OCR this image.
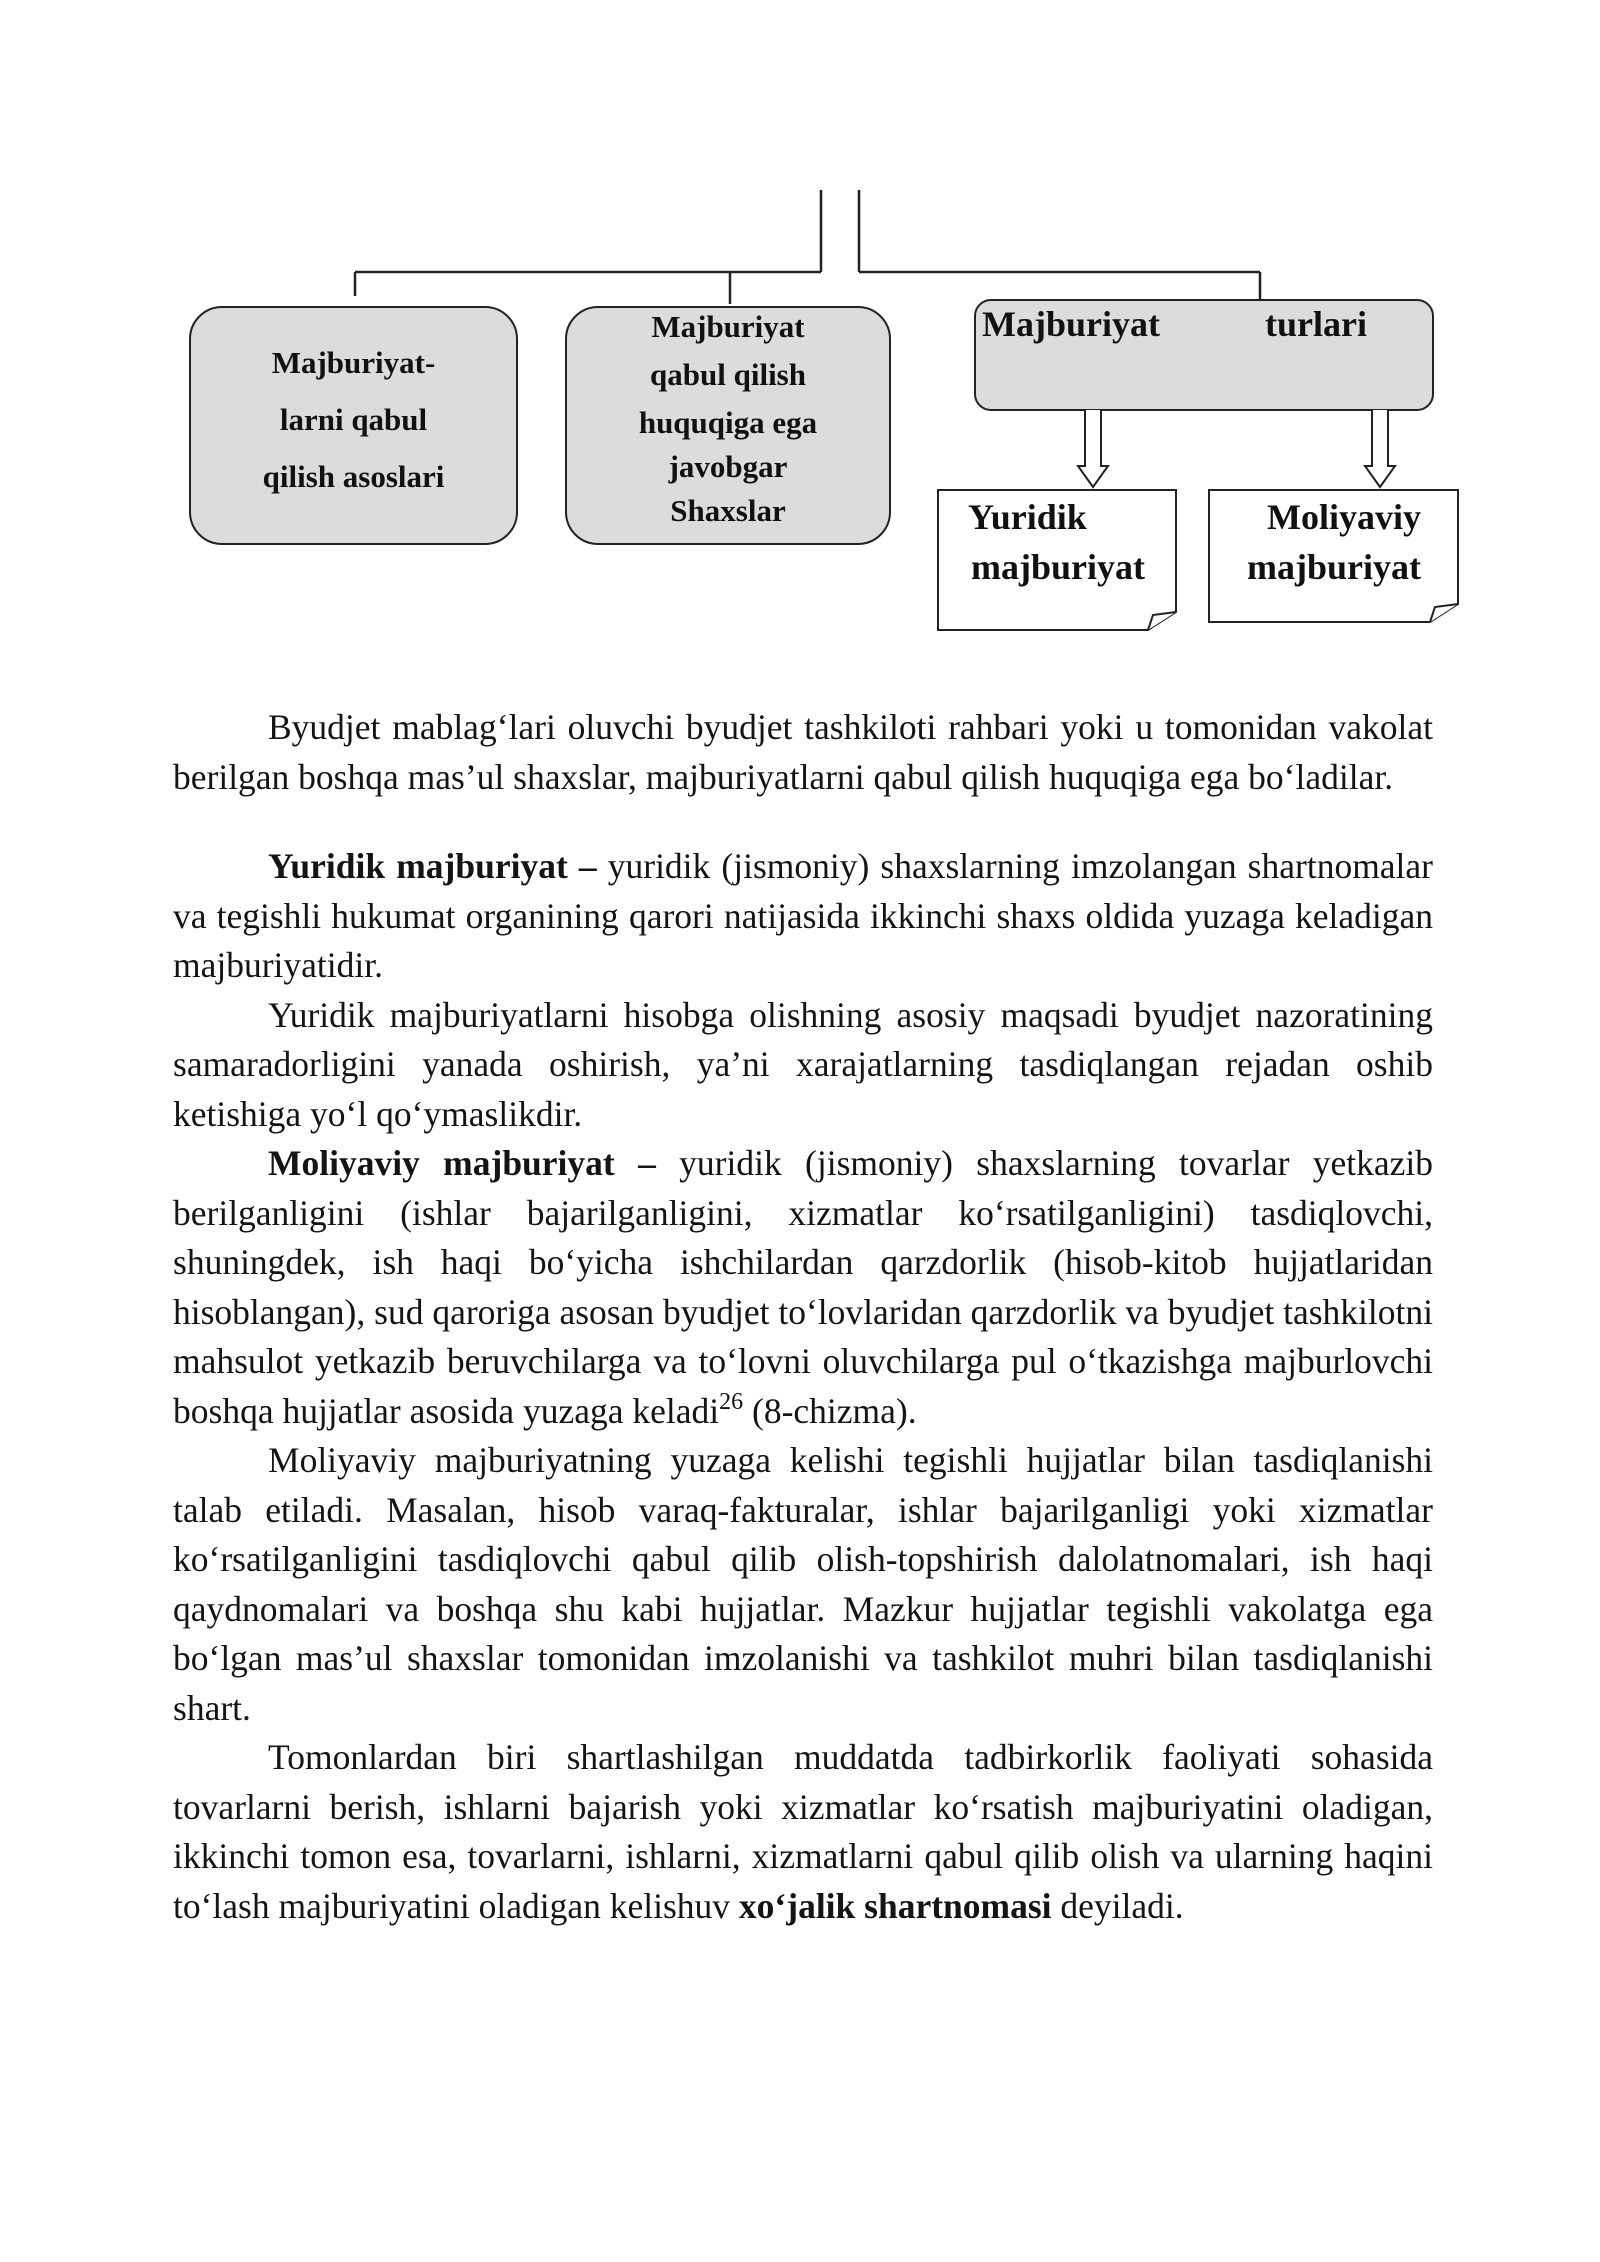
Majburiyat-
larni qabul
qilish asoslari
Majburiyat
qabul qilish
huquqiga ega
javobgar
Shaxslar
Majburiyat	turlari
Yuridik
majburiyat
Moliyaviy
majburiyat

Byudjet mablag‘lari oluvchi byudjet tashkiloti rahbari yoki u tomonidan vakolat berilgan boshqa mas’ul shaxslar, majburiyatlarni qabul qilish huquqiga ega bo‘ladilar.

Yuridik majburiyat – yuridik (jismoniy) shaxslarning imzolangan shartnomalar va tegishli hukumat organining qarori natijasida ikkinchi shaxs oldida yuzaga keladigan majburiyatidir.

Yuridik majburiyatlarni hisobga olishning asosiy maqsadi byudjet nazoratining samaradorligini yanada oshirish, ya’ni xarajatlarning tasdiqlangan rejadan oshib ketishiga yo‘l qo‘ymaslikdir.

Moliyaviy majburiyat – yuridik (jismoniy) shaxslarning tovarlar yetkazib berilganligini (ishlar bajarilganligini, xizmatlar ko‘rsatilganligini) tasdiqlovchi, shuningdek, ish haqi bo‘yicha ishchilardan qarzdorlik (hisob-kitob hujjatlaridan hisoblangan), sud qaroriga asosan byudjet to‘lovlaridan qarzdorlik va byudjet tashkilotni mahsulot yetkazib beruvchilarga va to‘lovni oluvchilarga pul o‘tkazishga majburlovchi boshqa hujjatlar asosida yuzaga keladi$^{26}$ (8-chizma).

Moliyaviy majburiyatning yuzaga kelishi tegishli hujjatlar bilan tasdiqlanishi talab etiladi. Masalan, hisob varaq-fakturalar, ishlar bajarilganligi yoki xizmatlar ko‘rsatilganligini tasdiqlovchi qabul qilib olish-topshirish dalolatnomalari, ish haqi qaydnomalari va boshqa shu kabi hujjatlar. Mazkur hujjatlar tegishli vakolatga ega bo‘lgan mas’ul shaxslar tomonidan imzolanishi va tashkilot muhri bilan tasdiqlanishi shart.

Tomonlardan biri shartlashilgan muddatda tadbirkorlik faoliyati sohasida tovarlarni berish, ishlarni bajarish yoki xizmatlar ko‘rsatish majburiyatini oladigan, ikkinchi tomon esa, tovarlarni, ishlarni, xizmatlarni qabul qilib olish va ularning haqini to‘lash majburiyatini oladigan kelishuv xo‘jalik shartnomasi deyiladi.
